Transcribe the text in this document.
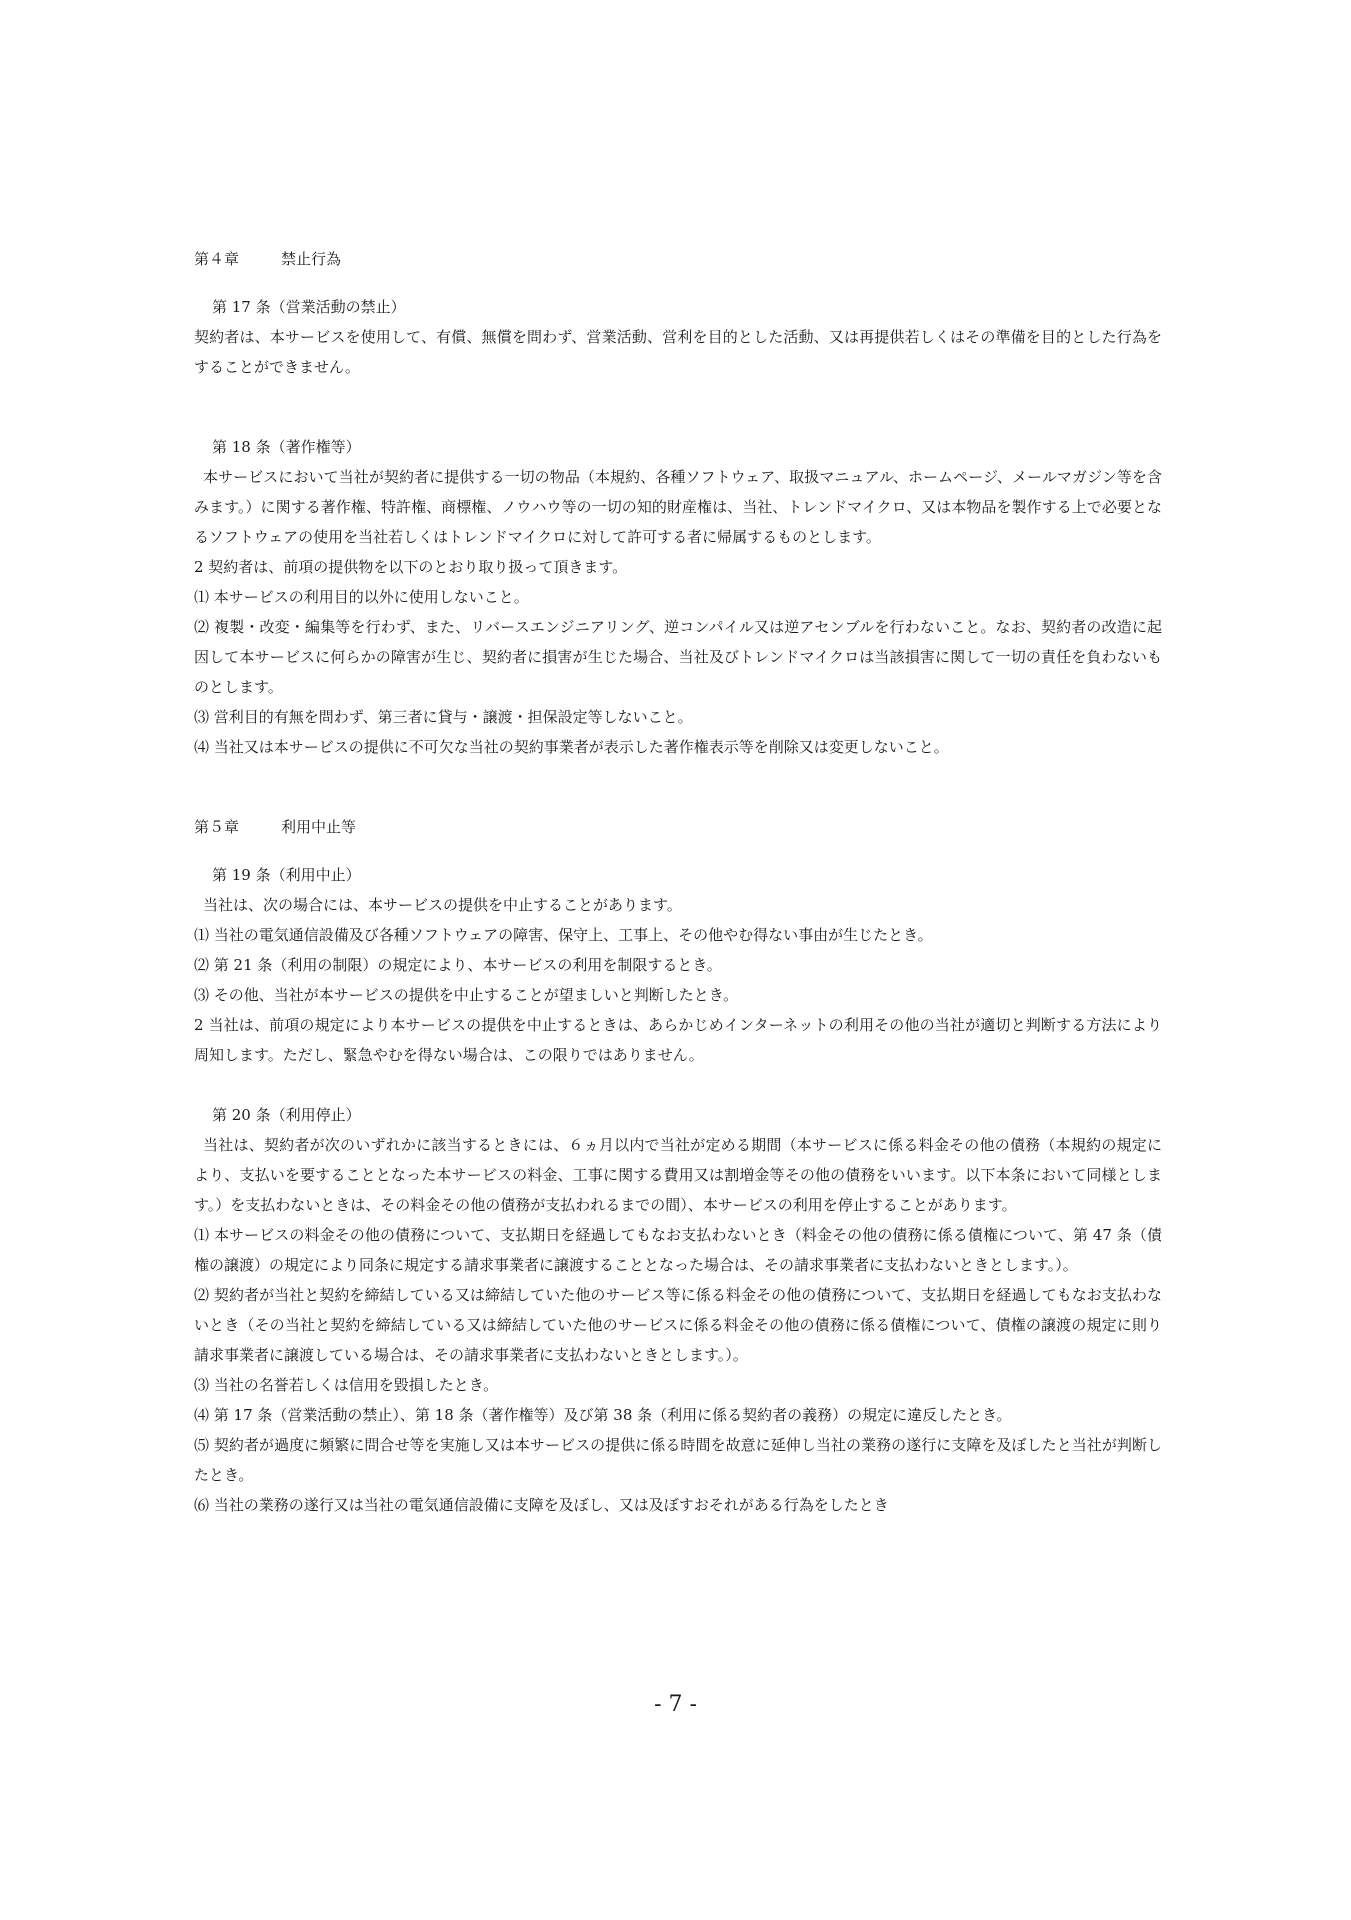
第４章	禁止行為
第 17 条（営業活動の禁止）

契約者は、本サービスを使用して、有償、無償を問わず、営業活動、営利を目的とした活動、又は再提供若しくはその準備を目的とした行為をすることができません。

第 18 条（著作権等）

本サービスにおいて当社が契約者に提供する一切の物品（本規約、各種ソフトウェア、取扱マニュアル、ホームページ、メールマガジン等を含みます。）に関する著作権、特許権、商標権、ノウハウ等の一切の知的財産権は、当社、トレンドマイクロ、又は本物品を製作する上で必要となるソフトウェアの使用を当社若しくはトレンドマイクロに対して許可する者に帰属するものとします。

2 契約者は、前項の提供物を以下のとおり取り扱って頂きます。

⑴ 本サービスの利用目的以外に使用しないこと。

⑵ 複製・改変・編集等を行わず、また、リバースエンジニアリング、逆コンパイル又は逆アセンブルを行わないこと。なお、契約者の改造に起因して本サービスに何らかの障害が生じ、契約者に損害が生じた場合、当社及びトレンドマイクロは当該損害に関して一切の責任を負わないものとします。

⑶ 営利目的有無を問わず、第三者に貸与・譲渡・担保設定等しないこと。

⑷ 当社又は本サービスの提供に不可欠な当社の契約事業者が表示した著作権表示等を削除又は変更しないこと。

第５章	利用中止等
第 19 条（利用中止）

当社は、次の場合には、本サービスの提供を中止することがあります。

⑴ 当社の電気通信設備及び各種ソフトウェアの障害、保守上、工事上、その他やむ得ない事由が生じたとき。

⑵ 第 21 条（利用の制限）の規定により、本サービスの利用を制限するとき。

⑶ その他、当社が本サービスの提供を中止することが望ましいと判断したとき。

2 当社は、前項の規定により本サービスの提供を中止するときは、あらかじめインターネットの利用その他の当社が適切と判断する方法により周知します。ただし、緊急やむを得ない場合は、この限りではありません。

第 20 条（利用停止）

当社は、契約者が次のいずれかに該当するときには、６ヵ月以内で当社が定める期間（本サービスに係る料金その他の債務（本規約の規定により、支払いを要することとなった本サービスの料金、工事に関する費用又は割増金等その他の債務をいいます。以下本条において同様とします。）を支払わないときは、その料金その他の債務が支払われるまでの間）、本サービスの利用を停止することがあります。

⑴ 本サービスの料金その他の債務について、支払期日を経過してもなお支払わないとき（料金その他の債務に係る債権について、第 47 条（債権の譲渡）の規定により同条に規定する請求事業者に譲渡することとなった場合は、その請求事業者に支払わないときとします。）。

⑵ 契約者が当社と契約を締結している又は締結していた他のサービス等に係る料金その他の債務について、支払期日を経過してもなお支払わないとき（その当社と契約を締結している又は締結していた他のサービスに係る料金その他の債務に係る債権について、債権の譲渡の規定に則り請求事業者に譲渡している場合は、その請求事業者に支払わないときとします。）。

⑶ 当社の名誉若しくは信用を毀損したとき。

⑷ 第 17 条（営業活動の禁止）、第 18 条（著作権等）及び第 38 条（利用に係る契約者の義務）の規定に違反したとき。

⑸ 契約者が過度に頻繁に問合せ等を実施し又は本サービスの提供に係る時間を故意に延伸し当社の業務の遂行に支障を及ぼしたと当社が判断したとき。

⑹ 当社の業務の遂行又は当社の電気通信設備に支障を及ぼし、又は及ぼすおそれがある行為をしたとき

- 7 -
